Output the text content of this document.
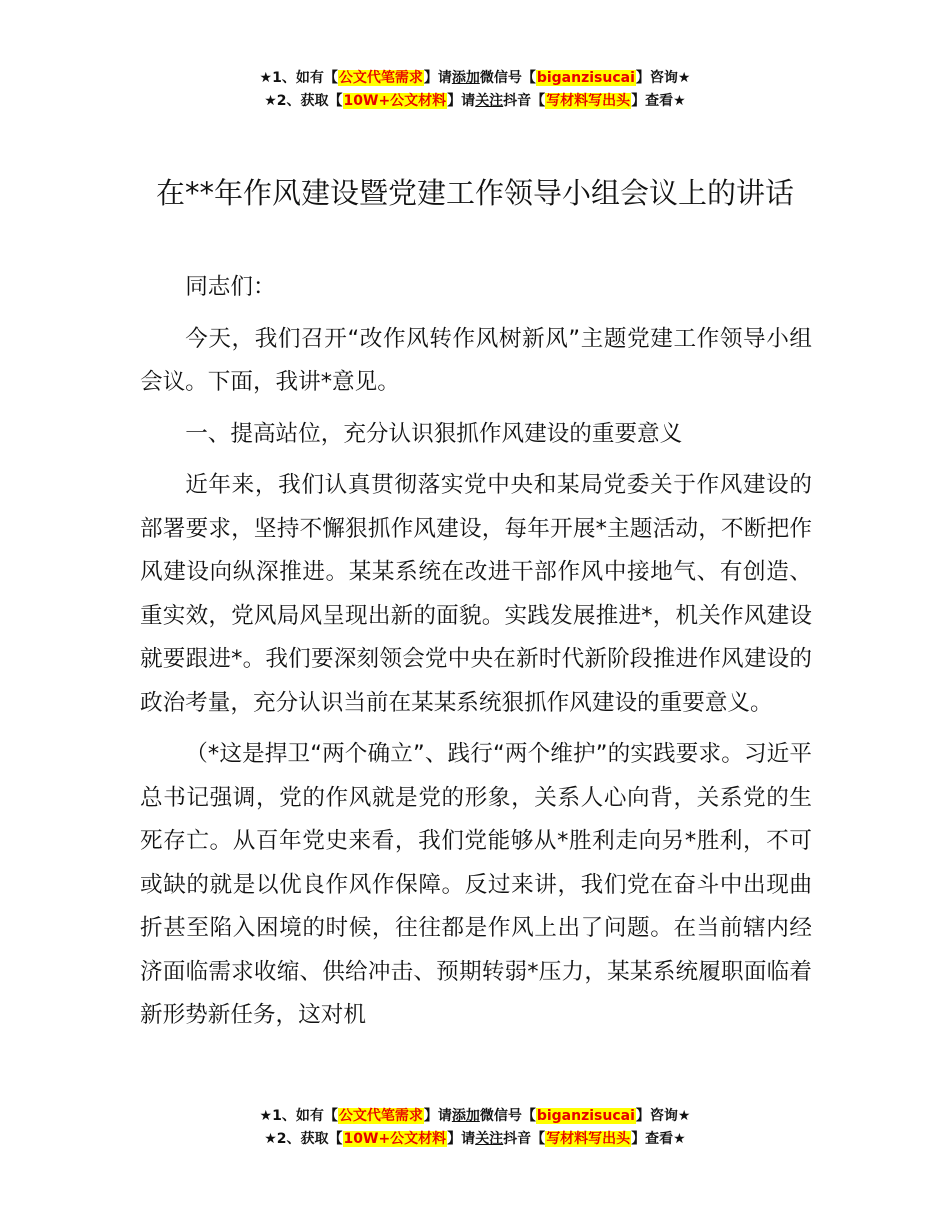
★1、如有【公文代笔需求】请添加微信号【biganzisucai】咨询★
★2、获取【10W+公文材料】请关注抖音【写材料写出头】查看★
在**年作风建设暨党建工作领导小组会议上的讲话

同志们：

今天，我们召开“改作风转作风树新风”主题党建工作领导小组会议。下面，我讲*意见。

一、提高站位，充分认识狠抓作风建设的重要意义

近年来，我们认真贯彻落实党中央和某局党委关于作风建设的部署要求，坚持不懈狠抓作风建设，每年开展*主题活动，不断把作风建设向纵深推进。某某系统在改进干部作风中接地气、有创造、重实效，党风局风呈现出新的面貌。实践发展推进*，机关作风建设就要跟进*。我们要深刻领会党中央在新时代新阶段推进作风建设的政治考量，充分认识当前在某某系统狠抓作风建设的重要意义。

（*这是捍卫“两个确立”、践行“两个维护”的实践要求。习近平总书记强调，党的作风就是党的形象，关系人心向背，关系党的生死存亡。从百年党史来看，我们党能够从*胜利走向另*胜利，不可或缺的就是以优良作风作保障。反过来讲，我们党在奋斗中出现曲折甚至陷入困境的时候，往往都是作风上出了问题。在当前辖内经济面临需求收缩、供给冲击、预期转弱*压力，某某系统履职面临着新形势新任务，这对机

★1、如有【公文代笔需求】请添加微信号【biganzisucai】咨询★
★2、获取【10W+公文材料】请关注抖音【写材料写出头】查看★
